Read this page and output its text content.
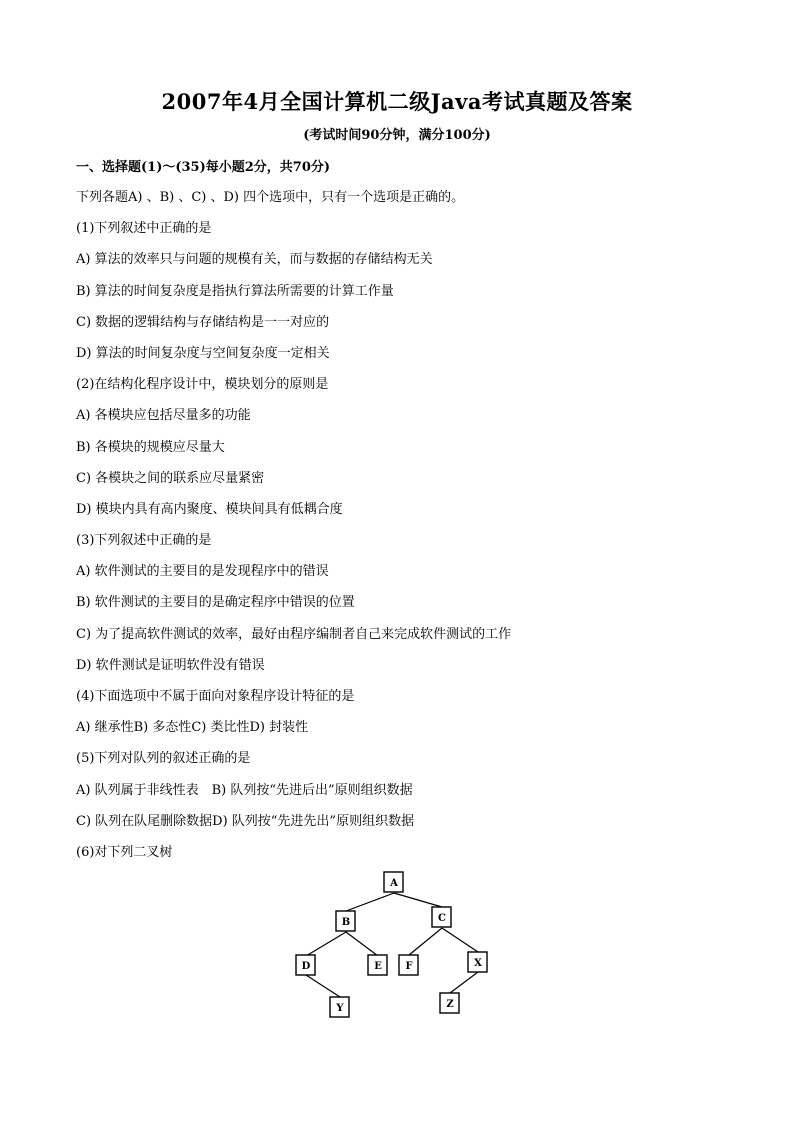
2007年4月全国计算机二级Java考试真题及答案
(考试时间90分钟，满分100分)
一、选择题(1)～(35)每小题2分，共70分)
下列各题A) 、B) 、C) 、D) 四个选项中，只有一个选项是正确的。
(1)下列叙述中正确的是
A) 算法的效率只与问题的规模有关，而与数据的存储结构无关
B) 算法的时间复杂度是指执行算法所需要的计算工作量
C) 数据的逻辑结构与存储结构是一一对应的
D) 算法的时间复杂度与空间复杂度一定相关
(2)在结构化程序设计中，模块划分的原则是
A) 各模块应包括尽量多的功能
B) 各模块的规模应尽量大
C) 各模块之间的联系应尽量紧密
D) 模块内具有高内聚度、模块间具有低耦合度
(3)下列叙述中正确的是
A) 软件测试的主要目的是发现程序中的错误
B) 软件测试的主要目的是确定程序中错误的位置
C) 为了提高软件测试的效率，最好由程序编制者自己来完成软件测试的工作
D) 软件测试是证明软件没有错误
(4)下面选项中不属于面向对象程序设计特征的是
A) 继承性B) 多态性C) 类比性D) 封装性
(5)下列对队列的叙述正确的是
A) 队列属于非线性表　B) 队列按“先进后出”原则组织数据
C) 队列在队尾删除数据D) 队列按“先进先出”原则组织数据
(6)对下列二叉树
A
B	C
D	E F	X
Y	Z
